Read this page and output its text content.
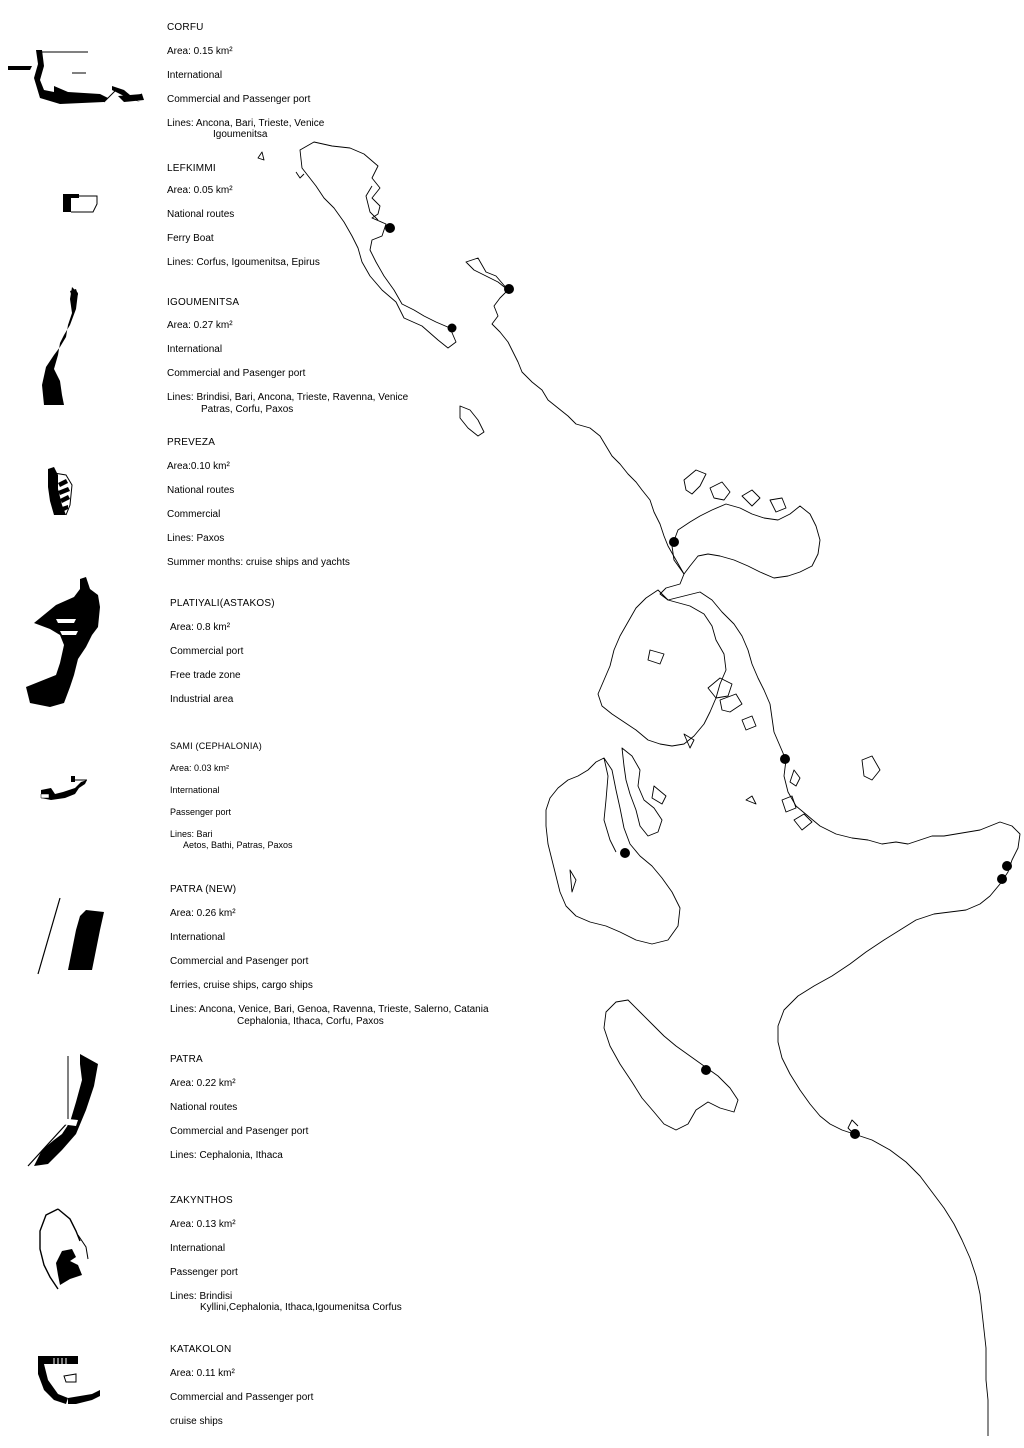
CORFU
Area: 0.15 km²
International
Commercial and Passenger port
Lines: Ancona, Bari, Trieste, Venice
Igoumenitsa
LEFKIMMI
Area: 0.05 km²
National routes
Ferry Boat
Lines: Corfus, Igoumenitsa, Epirus
IGOUMENITSA
Area: 0.27 km²
International
Commercial and Pasenger port
Lines: Brindisi, Bari, Ancona, Trieste, Ravenna, Venice
Patras, Corfu, Paxos
PREVEZA
Area:0.10 km²
National routes
Commercial
Lines: Paxos
Summer months: cruise ships and yachts
PLATIYALI(ASTAKOS)
Area: 0.8 km²
Commercial port
Free trade zone
Industrial area
SAMI (CEPHALONIA)
Area: 0.03 km²
International
Passenger port
Lines: Bari
Aetos, Bathi, Patras, Paxos
PATRA (NEW)
Area: 0.26 km²
International
Commercial and Pasenger port
ferries, cruise ships, cargo ships
Lines: Ancona, Venice, Bari, Genoa, Ravenna, Trieste, Salerno, Catania
Cephalonia, Ithaca, Corfu, Paxos
PATRA
Area: 0.22 km²
National routes
Commercial and Pasenger port
Lines: Cephalonia, Ithaca
ZAKYNTHOS
Area: 0.13 km²
International
Passenger port
Lines: Brindisi
Kyllini,Cephalonia, Ithaca,Igoumenitsa Corfus
KATAKOLON
Area: 0.11 km²
Commercial and Passenger port
cruise ships
